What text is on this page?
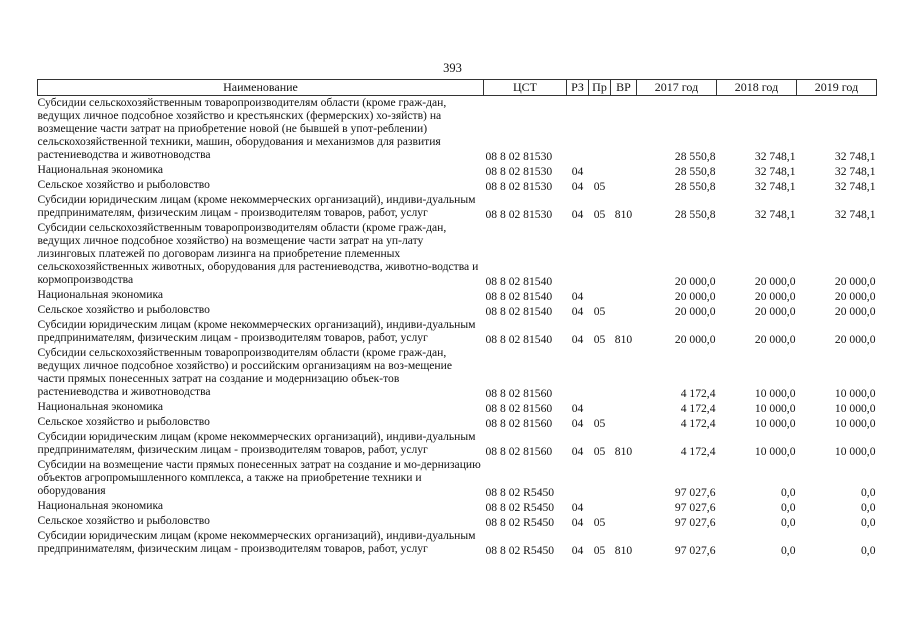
393
Наименование	ЦСТ	РЗ	Пр	ВР	2017 год	2018 год	2019 год
Субсидии сельскохозяйственным товаропроизводителям области (кроме граж-дан, ведущих личное подсобное хозяйство и крестьянских (фермерских) хо-зяйств) на возмещение части затрат на приобретение новой (не бывшей в упот-реблении) сельскохозяйственной техники, машин, оборудования и механизмов для развития растениеводства и животноводства	08 8 02 81530				28 550,8	32 748,1	32 748,1
Национальная экономика	08 8 02 81530	04			28 550,8	32 748,1	32 748,1
Сельское хозяйство и рыболовство	08 8 02 81530	04	05		28 550,8	32 748,1	32 748,1
Субсидии юридическим лицам (кроме некоммерческих организаций), индиви-дуальным предпринимателям, физическим лицам - производителям товаров, работ, услуг	08 8 02 81530	04	05	810	28 550,8	32 748,1	32 748,1
Субсидии сельскохозяйственным товаропроизводителям области (кроме граж-дан, ведущих личное подсобное хозяйство) на возмещение части затрат на уп-лату лизинговых платежей по договорам лизинга на приобретение племенных сельскохозяйственных животных, оборудования для растениеводства, животно-водства и кормопроизводства	08 8 02 81540				20 000,0	20 000,0	20 000,0
Национальная экономика	08 8 02 81540	04			20 000,0	20 000,0	20 000,0
Сельское хозяйство и рыболовство	08 8 02 81540	04	05		20 000,0	20 000,0	20 000,0
Субсидии юридическим лицам (кроме некоммерческих организаций), индиви-дуальным предпринимателям, физическим лицам - производителям товаров, работ, услуг	08 8 02 81540	04	05	810	20 000,0	20 000,0	20 000,0
Субсидии сельскохозяйственным товаропроизводителям области (кроме граж-дан, ведущих личное подсобное хозяйство) и российским организациям на воз-мещение части прямых понесенных затрат на создание и модернизацию объек-тов растениеводства и животноводства	08 8 02 81560				4 172,4	10 000,0	10 000,0
Национальная экономика	08 8 02 81560	04			4 172,4	10 000,0	10 000,0
Сельское хозяйство и рыболовство	08 8 02 81560	04	05		4 172,4	10 000,0	10 000,0
Субсидии юридическим лицам (кроме некоммерческих организаций), индиви-дуальным предпринимателям, физическим лицам - производителям товаров, работ, услуг	08 8 02 81560	04	05	810	4 172,4	10 000,0	10 000,0
Субсидии на возмещение части прямых понесенных затрат на создание и мо-дернизацию объектов агропромышленного комплекса, а также на приобретение техники и оборудования	08 8 02 R5450				97 027,6	0,0	0,0
Национальная экономика	08 8 02 R5450	04			97 027,6	0,0	0,0
Сельское хозяйство и рыболовство	08 8 02 R5450	04	05		97 027,6	0,0	0,0
Субсидии юридическим лицам (кроме некоммерческих организаций), индиви-дуальным предпринимателям, физическим лицам - производителям товаров, работ, услуг	08 8 02 R5450	04	05	810	97 027,6	0,0	0,0
